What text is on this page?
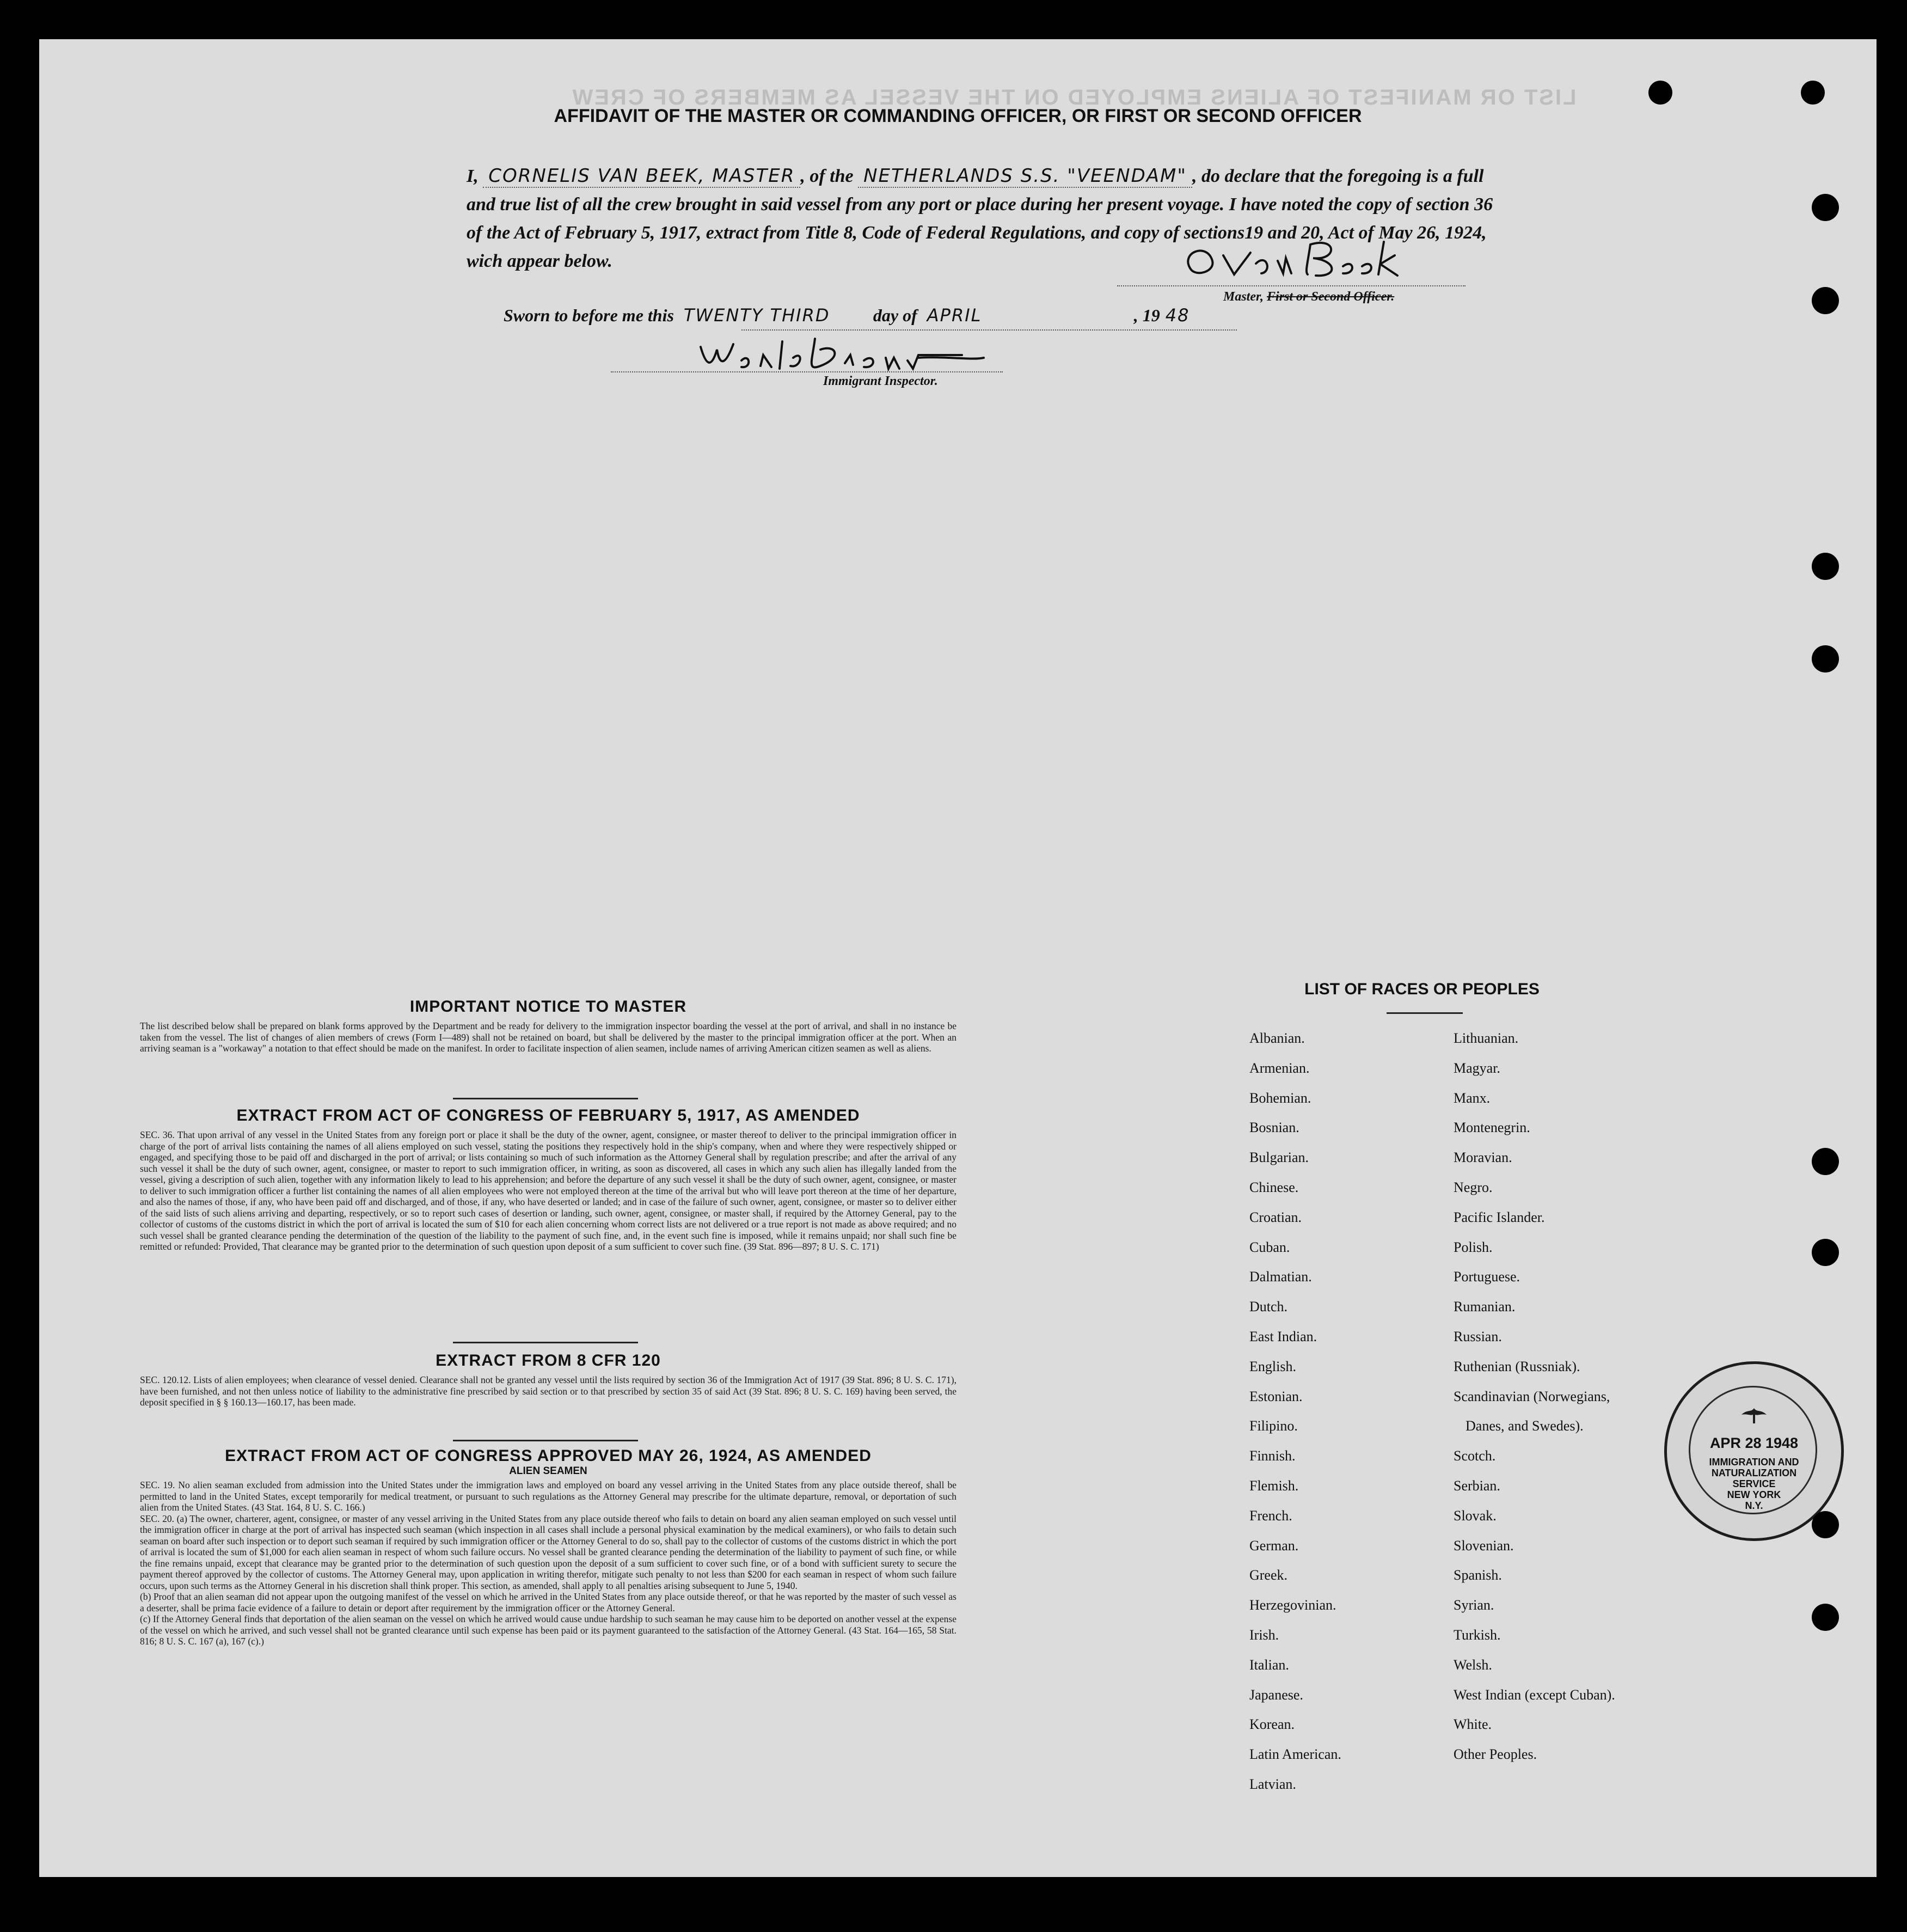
LIST OR MANIFEST OF ALIENS EMPLOYED ON THE VESSEL AS MEMBERS OF CREW
AFFIDAVIT OF THE MASTER OR COMMANDING OFFICER, OR FIRST OR SECOND OFFICER
I, CORNELIS VAN BEEK, MASTER , of the NETHERLANDS S.S. "VEENDAM" , do declare that the foregoing is a full and true list of all the crew brought in said vessel from any port or place during her present voyage. I have noted the copy of section 36 of the Act of February 5, 1917, extract from Title 8, Code of Federal Regulations, and copy of sections19 and 20, Act of May 26, 1924, wich appear below.
Master, First or Second Officer.
Sworn to before me this TWENTY THIRD day of APRIL	, 19 48
Immigrant Inspector.
IMPORTANT NOTICE TO MASTER

The list described below shall be prepared on blank forms approved by the Department and be ready for delivery to the immigration inspector boarding the vessel at the port of arrival, and shall in no instance be taken from the vessel. The list of changes of alien members of crews (Form I—489) shall not be retained on board, but shall be delivered by the master to the principal immigration officer at the port. When an arriving seaman is a "workaway" a notation to that effect should be made on the manifest. In order to facilitate inspection of alien seamen, include names of arriving American citizen seamen as well as aliens.

EXTRACT FROM ACT OF CONGRESS OF FEBRUARY 5, 1917, AS AMENDED

SEC. 36. That upon arrival of any vessel in the United States from any foreign port or place it shall be the duty of the owner, agent, consignee, or master thereof to deliver to the principal immigration officer in charge of the port of arrival lists containing the names of all aliens employed on such vessel, stating the positions they respectively hold in the ship's company, when and where they were respectively shipped or engaged, and specifying those to be paid off and discharged in the port of arrival; or lists containing so much of such information as the Attorney General shall by regulation prescribe; and after the arrival of any such vessel it shall be the duty of such owner, agent, consignee, or master to report to such immigration officer, in writing, as soon as discovered, all cases in which any such alien has illegally landed from the vessel, giving a description of such alien, together with any information likely to lead to his apprehension; and before the departure of any such vessel it shall be the duty of such owner, agent, consignee, or master to deliver to such immigration officer a further list containing the names of all alien employees who were not employed thereon at the time of the arrival but who will leave port thereon at the time of her departure, and also the names of those, if any, who have been paid off and discharged, and of those, if any, who have deserted or landed; and in case of the failure of such owner, agent, consignee, or master so to deliver either of the said lists of such aliens arriving and departing, respectively, or so to report such cases of desertion or landing, such owner, agent, consignee, or master shall, if required by the Attorney General, pay to the collector of customs of the customs district in which the port of arrival is located the sum of $10 for each alien concerning whom correct lists are not delivered or a true report is not made as above required; and no such vessel shall be granted clearance pending the determination of the question of the liability to the payment of such fine, and, in the event such fine is imposed, while it remains unpaid; nor shall such fine be remitted or refunded: Provided, That clearance may be granted prior to the determination of such question upon deposit of a sum sufficient to cover such fine. (39 Stat. 896—897; 8 U. S. C. 171)

EXTRACT FROM 8 CFR 120

SEC. 120.12. Lists of alien employees; when clearance of vessel denied. Clearance shall not be granted any vessel until the lists required by section 36 of the Immigration Act of 1917 (39 Stat. 896; 8 U. S. C. 171), have been furnished, and not then unless notice of liability to the administrative fine prescribed by said section or to that prescribed by section 35 of said Act (39 Stat. 896; 8 U. S. C. 169) having been served, the deposit specified in § § 160.13—160.17, has been made.

EXTRACT FROM ACT OF CONGRESS APPROVED MAY 26, 1924, AS AMENDED
ALIEN SEAMEN

SEC. 19. No alien seaman excluded from admission into the United States under the immigration laws and employed on board any vessel arriving in the United States from any place outside thereof, shall be permitted to land in the United States, except temporarily for medical treatment, or pursuant to such regulations as the Attorney General may prescribe for the ultimate departure, removal, or deportation of such alien from the United States. (43 Stat. 164, 8 U. S. C. 166.)

SEC. 20. (a) The owner, charterer, agent, consignee, or master of any vessel arriving in the United States from any place outside thereof who fails to detain on board any alien seaman employed on such vessel until the immigration officer in charge at the port of arrival has inspected such seaman (which inspection in all cases shall include a personal physical examination by the medical examiners), or who fails to detain such seaman on board after such inspection or to deport such seaman if required by such immigration officer or the Attorney General to do so, shall pay to the collector of customs of the customs district in which the port of arrival is located the sum of $1,000 for each alien seaman in respect of whom such failure occurs. No vessel shall be granted clearance pending the determination of the liability to payment of such fine, or while the fine remains unpaid, except that clearance may be granted prior to the determination of such question upon the deposit of a sum sufficient to cover such fine, or of a bond with sufficient surety to secure the payment thereof approved by the collector of customs. The Attorney General may, upon application in writing therefor, mitigate such penalty to not less than $200 for each seaman in respect of whom such failure occurs, upon such terms as the Attorney General in his discretion shall think proper. This section, as amended, shall apply to all penalties arising subsequent to June 5, 1940.

(b) Proof that an alien seaman did not appear upon the outgoing manifest of the vessel on which he arrived in the United States from any place outside thereof, or that he was reported by the master of such vessel as a deserter, shall be prima facie evidence of a failure to detain or deport after requirement by the immigration officer or the Attorney General.

(c) If the Attorney General finds that deportation of the alien seaman on the vessel on which he arrived would cause undue hardship to such seaman he may cause him to be deported on another vessel at the expense of the vessel on which he arrived, and such vessel shall not be granted clearance until such expense has been paid or its payment guaranteed to the satisfaction of the Attorney General. (43 Stat. 164—165, 58 Stat. 816; 8 U. S. C. 167 (a), 167 (c).)

LIST OF RACES OR PEOPLES
Albanian.
Armenian.
Bohemian.
Bosnian.
Bulgarian.
Chinese.
Croatian.
Cuban.
Dalmatian.
Dutch.
East Indian.
English.
Estonian.
Filipino.
Finnish.
Flemish.
French.
German.
Greek.
Herzegovinian.
Irish.
Italian.
Japanese.
Korean.
Latin American.
Latvian.
Lithuanian.
Magyar.
Manx.
Montenegrin.
Moravian.
Negro.
Pacific Islander.
Polish.
Portuguese.
Rumanian.
Russian.
Ruthenian (Russniak).
Scandinavian (Norwegians,
Danes, and Swedes).
Scotch.
Serbian.
Slovak.
Slovenian.
Spanish.
Syrian.
Turkish.
Welsh.
West Indian (except Cuban).
White.
Other Peoples.
APR 28 1948
IMMIGRATION AND
NATURALIZATION
SERVICE
NEW YORK
N.Y.
